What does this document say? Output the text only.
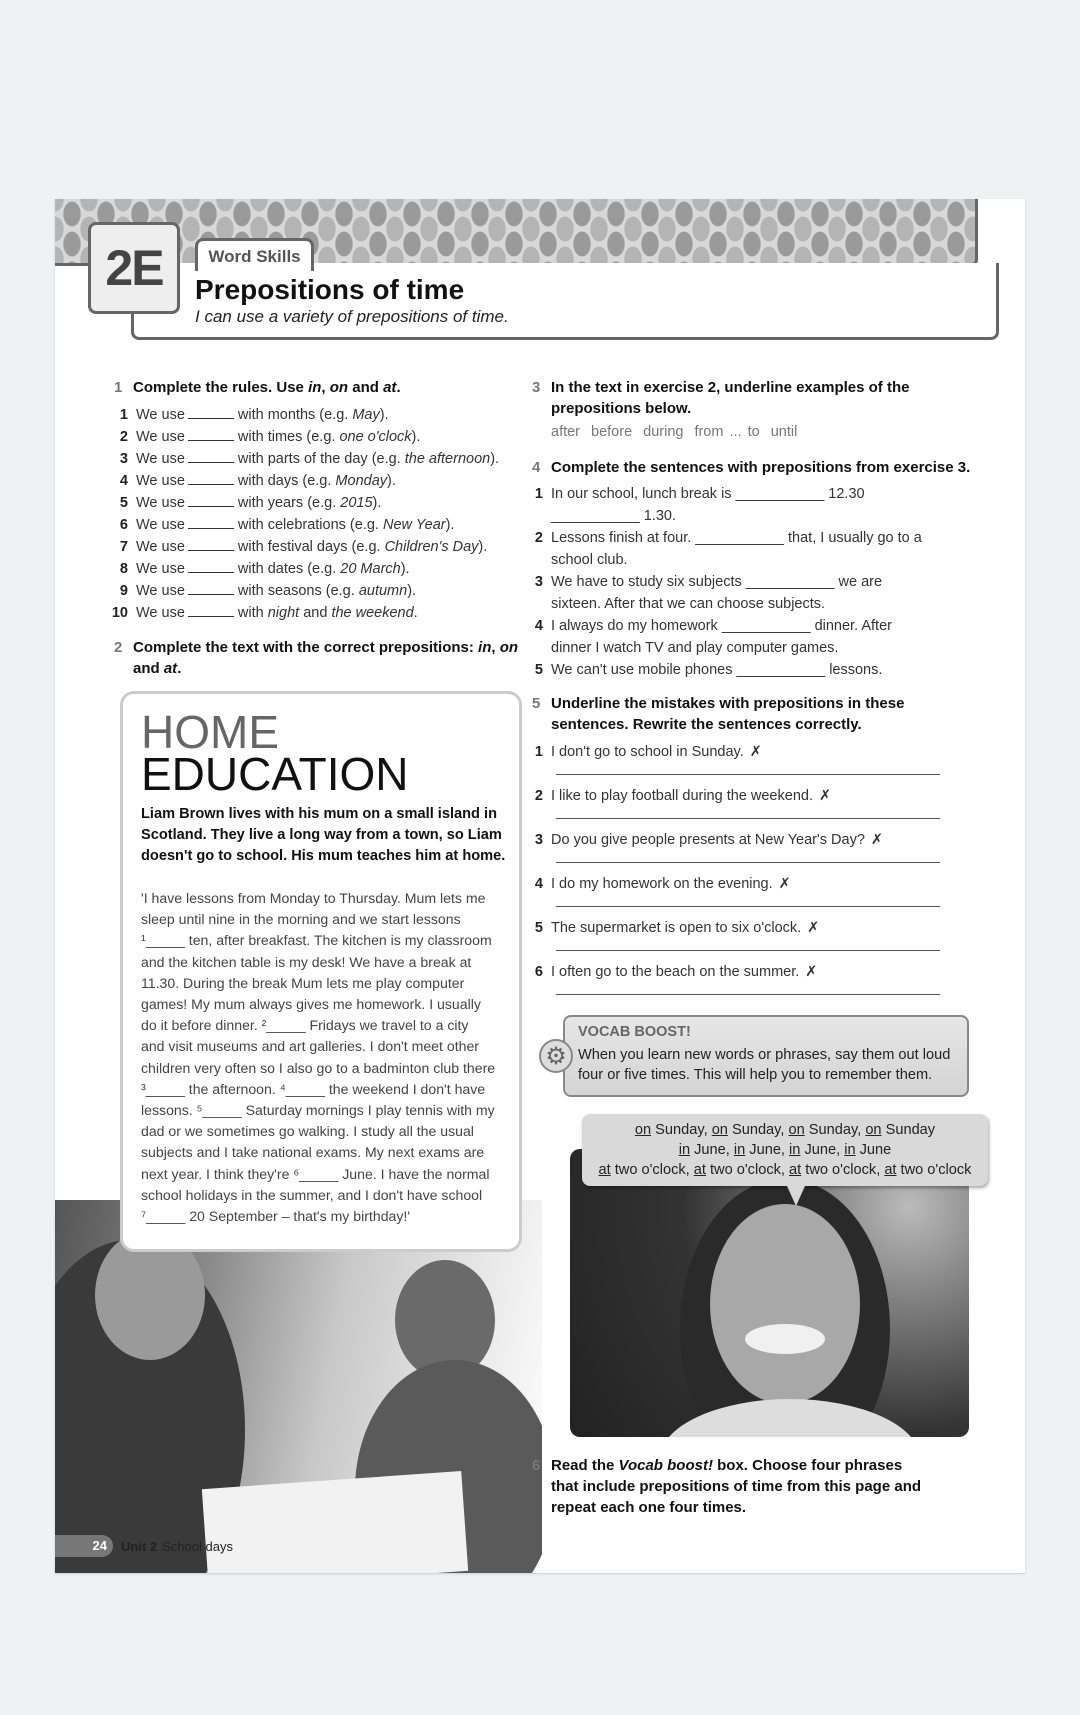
2E	Word Skills
Prepositions of time
I can use a variety of prepositions of time.
1 Complete the rules. Use in, on and at.
1 We use	with months (e.g. May).
2 We use	with times (e.g. one o'clock).
3 We use	with parts of the day (e.g. the afternoon).
4 We use	with days (e.g. Monday).
5 We use	with years (e.g. 2015).
6 We use	with celebrations (e.g. New Year).
7 We use	with festival days (e.g. Children's Day).
8 We use	with dates (e.g. 20 March).
9 We use	with seasons (e.g. autumn).
10 We use	with night and the weekend.
2 Complete the text with the correct prepositions: in, on and at.
24	Unit 2 School days
HOME
EDUCATION
Liam Brown lives with his mum on a small island in Scotland. They live a long way from a town, so Liam doesn't go to school. His mum teaches him at home.
'I have lessons from Monday to Thursday. Mum lets me
sleep until nine in the morning and we start lessons
¹_____ ten, after breakfast. The kitchen is my classroom
and the kitchen table is my desk! We have a break at
11.30. During the break Mum lets me play computer
games! My mum always gives me homework. I usually
do it before dinner. ²_____ Fridays we travel to a city
and visit museums and art galleries. I don't meet other
children very often so I also go to a badminton club there
³_____ the afternoon. ⁴_____ the weekend I don't have
lessons. ⁵_____ Saturday mornings I play tennis with my
dad or we sometimes go walking. I study all the usual
subjects and I take national exams. My next exams are
next year. I think they're ⁶_____ June. I have the normal
school holidays in the summer, and I don't have school
⁷_____ 20 September – that's my birthday!'
3 In the text in exercise 2, underline examples of the prepositions below.
after before during from ... to until
4 Complete the sentences with prepositions from exercise 3.
1 In our school, lunch break is ___________ 12.30
___________ 1.30.
2 Lessons finish at four. ___________ that, I usually go to a
school club.
3 We have to study six subjects ___________ we are
sixteen. After that we can choose subjects.
4 I always do my homework ___________ dinner. After
dinner I watch TV and play computer games.
5 We can't use mobile phones ___________ lessons.
5 Underline the mistakes with prepositions in these sentences. Rewrite the sentences correctly.
1 I don't go to school in Sunday. ✗
2 I like to play football during the weekend. ✗
3 Do you give people presents at New Year's Day? ✗
4 I do my homework on the evening. ✗
5 The supermarket is open to six o'clock. ✗
6 I often go to the beach on the summer. ✗
⚙
VOCAB BOOST!
When you learn new words or phrases, say them out loud
four or five times. This will help you to remember them.
on Sunday, on Sunday, on Sunday, on Sunday
in June, in June, in June, in June
at two o'clock, at two o'clock, at two o'clock, at two o'clock
6 Read the Vocab boost! box. Choose four phrases that include prepositions of time from this page and repeat each one four times.
